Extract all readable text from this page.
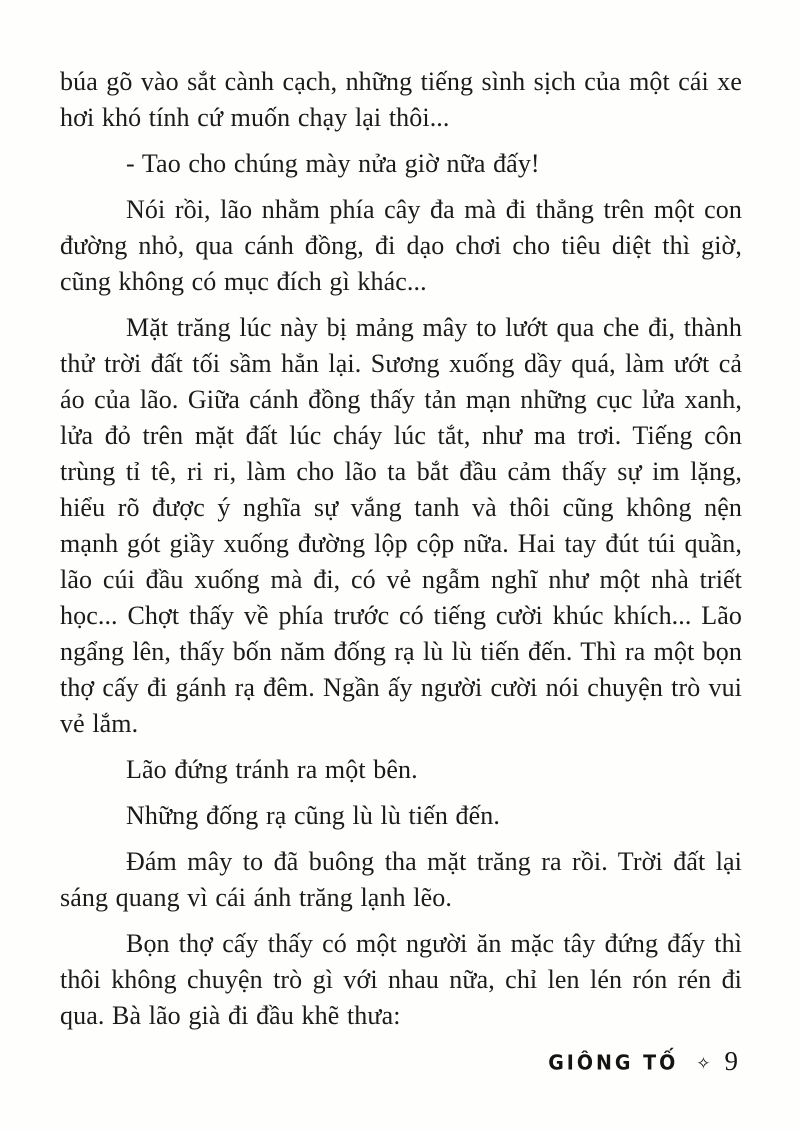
búa gõ vào sắt cành cạch, những tiếng sình sịch của một cái xe hơi khó tính cứ muốn chạy lại thôi...

- Tao cho chúng mày nửa giờ nữa đấy!

Nói rồi, lão nhằm phía cây đa mà đi thẳng trên một con đường nhỏ, qua cánh đồng, đi dạo chơi cho tiêu diệt thì giờ, cũng không có mục đích gì khác...

Mặt trăng lúc này bị mảng mây to lướt qua che đi, thành thử trời đất tối sầm hẳn lại. Sương xuống dầy quá, làm ướt cả áo của lão. Giữa cánh đồng thấy tản mạn những cục lửa xanh, lửa đỏ trên mặt đất lúc cháy lúc tắt, như ma trơi. Tiếng côn trùng tỉ tê, ri ri, làm cho lão ta bắt đầu cảm thấy sự im lặng, hiểu rõ được ý nghĩa sự vắng tanh và thôi cũng không nện mạnh gót giầy xuống đường lộp cộp nữa. Hai tay đút túi quần, lão cúi đầu xuống mà đi, có vẻ ngẫm nghĩ như một nhà triết học... Chợt thấy về phía trước có tiếng cười khúc khích... Lão ngẩng lên, thấy bốn năm đống rạ lù lù tiến đến. Thì ra một bọn thợ cấy đi gánh rạ đêm. Ngần ấy người cười nói chuyện trò vui vẻ lắm.

Lão đứng tránh ra một bên.

Những đống rạ cũng lù lù tiến đến.

Đám mây to đã buông tha mặt trăng ra rồi. Trời đất lại sáng quang vì cái ánh trăng lạnh lẽo.

Bọn thợ cấy thấy có một người ăn mặc tây đứng đấy thì thôi không chuyện trò gì với nhau nữa, chỉ len lén rón rén đi qua. Bà lão già đi đầu khẽ thưa:

GIÔNG TỐ ✧ 9
